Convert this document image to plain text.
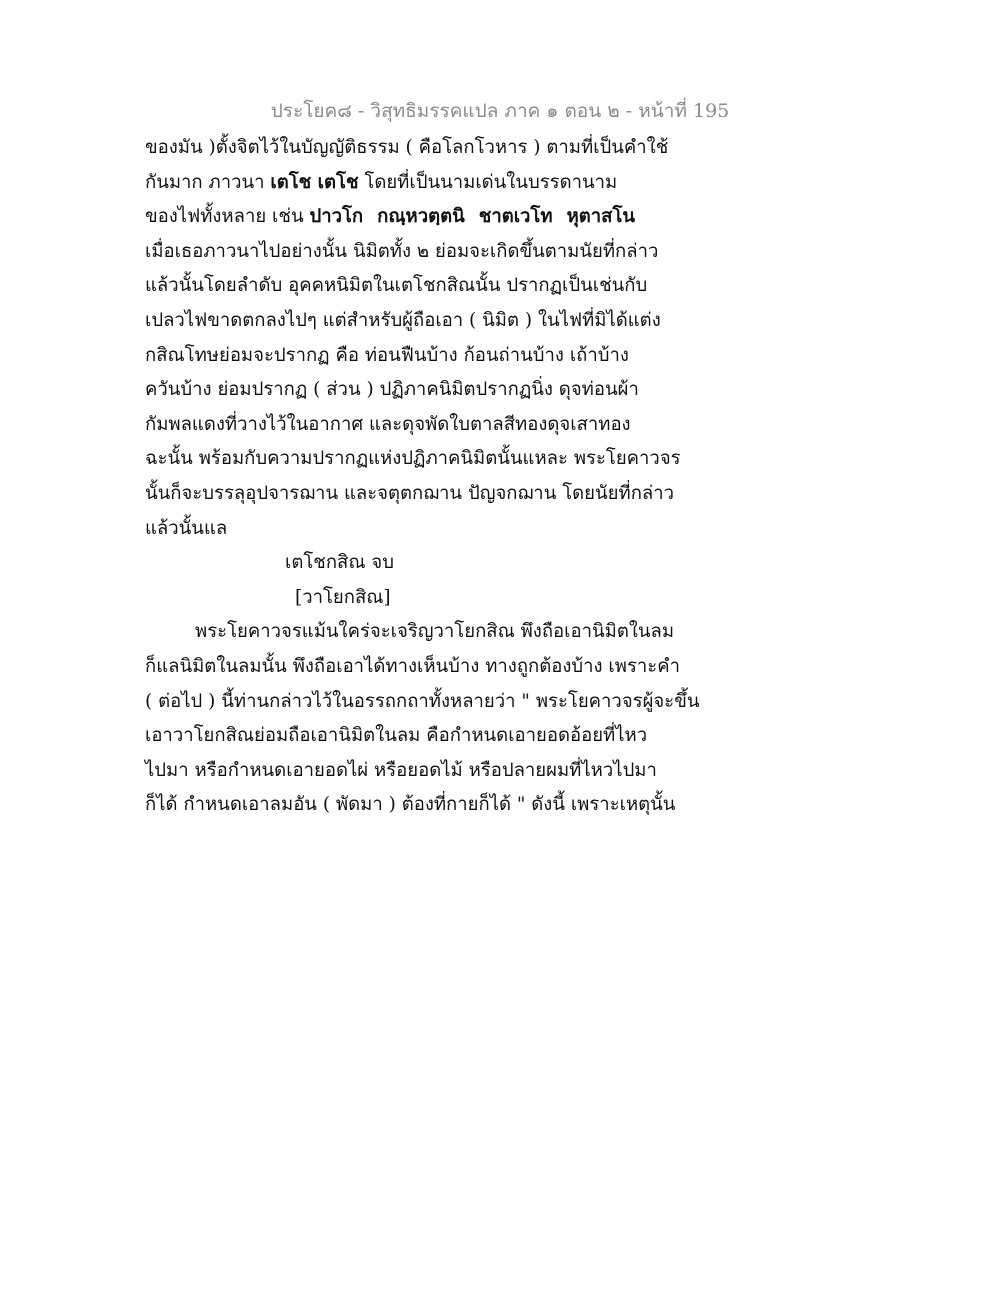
ประโยค๘ - วิสุทธิมรรคแปล ภาค ๑ ตอน ๒ - หน้าที่ 195
ของมัน )ตั้งจิตไว้ในบัญญัติธรรม ( คือโลกโวหาร ) ตามที่เป็นคำใช้
กันมาก ภาวนา เตโช เตโช โดยที่เป็นนามเด่นในบรรดานาม
ของไฟทั้งหลาย เช่น ปาวโก กณฺหวตฺตนิ ชาตเวโท หุตาสโน
เมื่อเธอภาวนาไปอย่างนั้น นิมิตทั้ง ๒ ย่อมจะเกิดขึ้นตามนัยที่กล่าว
แล้วนั้นโดยลำดับ อุคคหนิมิตในเตโชกสิณนั้น ปรากฏเป็นเช่นกับ
เปลวไฟขาดตกลงไปๆ แต่สำหรับผู้ถือเอา ( นิมิต ) ในไฟที่มิได้แต่ง
กสิณโทษย่อมจะปรากฏ คือ ท่อนฟืนบ้าง ก้อนถ่านบ้าง เถ้าบ้าง
ควันบ้าง ย่อมปรากฏ ( ส่วน ) ปฏิภาคนิมิตปรากฏนิ่ง ดุจท่อนผ้า
กัมพลแดงที่วางไว้ในอากาศ และดุจพัดใบตาลสีทองดุจเสาทอง
ฉะนั้น พร้อมกับความปรากฏแห่งปฏิภาคนิมิตนั้นแหละ พระโยคาวจร
นั้นก็จะบรรลุอุปจารฌาน และจตุตกฌาน ปัญจกฌาน โดยนัยที่กล่าว
แล้วนั้นแล
เตโชกสิณ จบ
[วาโยกสิณ]
พระโยคาวจรแม้นใคร่จะเจริญวาโยกสิณ พึงถือเอานิมิตในลม
ก็แลนิมิตในลมนั้น พึงถือเอาได้ทางเห็นบ้าง ทางถูกต้องบ้าง เพราะคำ
( ต่อไป ) นี้ท่านกล่าวไว้ในอรรถกถาทั้งหลายว่า " พระโยคาวจรผู้จะขึ้น
เอาวาโยกสิณย่อมถือเอานิมิตในลม คือกำหนดเอายอดอ้อยที่ไหว
ไปมา หรือกำหนดเอายอดไผ่ หรือยอดไม้ หรือปลายผมที่ไหวไปมา
ก็ได้ กำหนดเอาลมอัน ( พัดมา ) ต้องที่กายก็ได้ " ดังนี้ เพราะเหตุนั้น
